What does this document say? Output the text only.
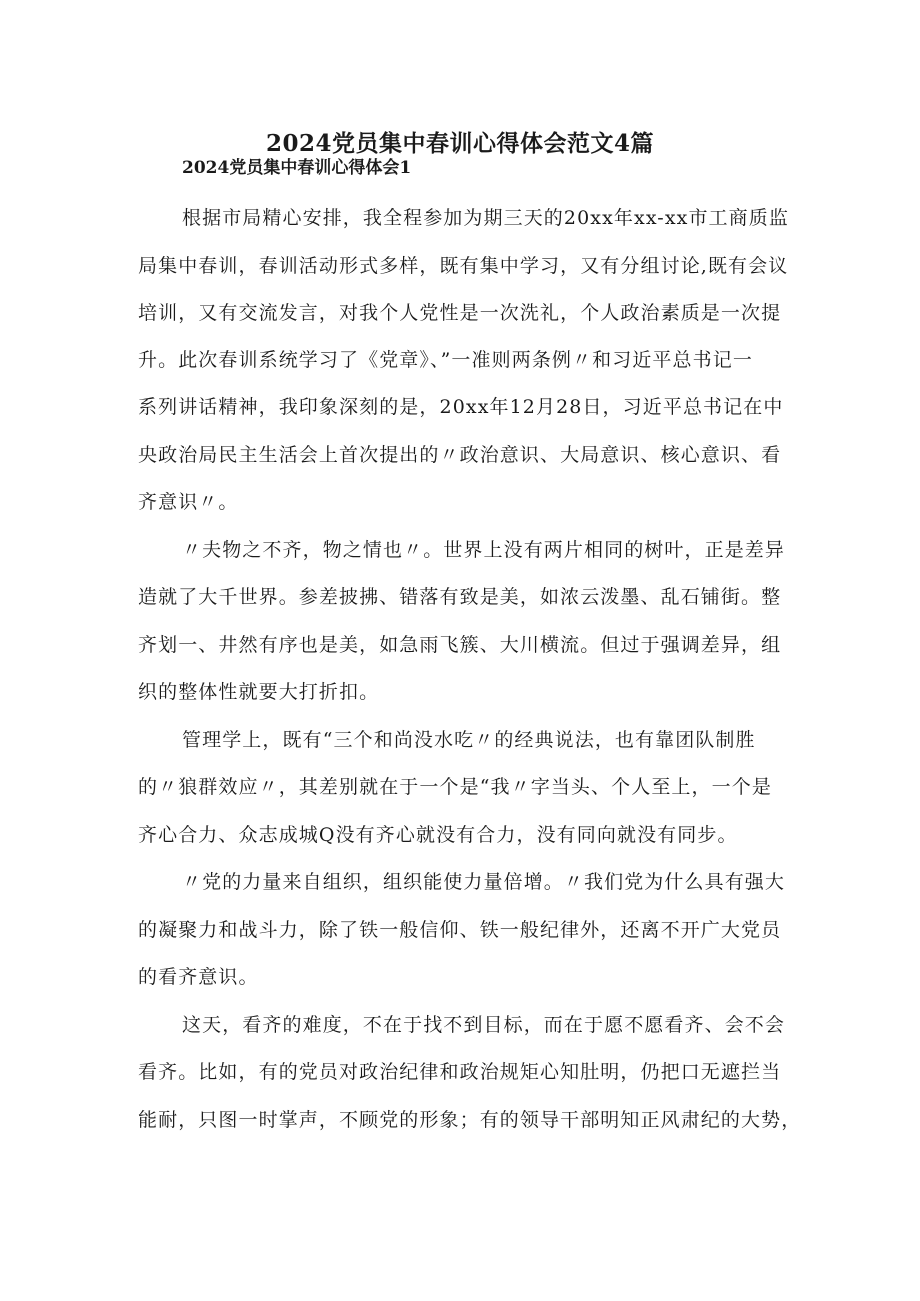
2024党员集中春训心得体会范文4篇
2024党员集中春训心得体会1
根据市局精心安排，我全程参加为期三天的20xx年xx-xx市工商质监
局集中春训，春训活动形式多样，既有集中学习，又有分组讨论,既有会议
培训，又有交流发言，对我个人党性是一次洗礼，个人政治素质是一次提
升。此次春训系统学习了《党章》、”一准则两条例〃和习近平总书记一
系列讲话精神，我印象深刻的是，20xx年12月28日，习近平总书记在中
央政治局民主生活会上首次提出的〃政治意识、大局意识、核心意识、看
齐意识〃。
〃夫物之不齐，物之情也〃。世界上没有两片相同的树叶，正是差异
造就了大千世界。参差披拂、错落有致是美，如浓云泼墨、乱石铺街。整
齐划一、井然有序也是美，如急雨飞簇、大川横流。但过于强调差异，组
织的整体性就要大打折扣。
管理学上，既有“三个和尚没水吃〃的经典说法，也有靠团队制胜
的〃狼群效应〃，其差别就在于一个是“我〃字当头、个人至上，一个是
齐心合力、众志成城Q没有齐心就没有合力，没有同向就没有同步。
〃党的力量来自组织，组织能使力量倍增。〃我们党为什么具有强大
的凝聚力和战斗力，除了铁一般信仰、铁一般纪律外，还离不开广大党员
的看齐意识。
这天，看齐的难度，不在于找不到目标，而在于愿不愿看齐、会不会
看齐。比如，有的党员对政治纪律和政治规矩心知肚明，仍把口无遮拦当
能耐，只图一时掌声，不顾党的形象；有的领导干部明知正风肃纪的大势，
